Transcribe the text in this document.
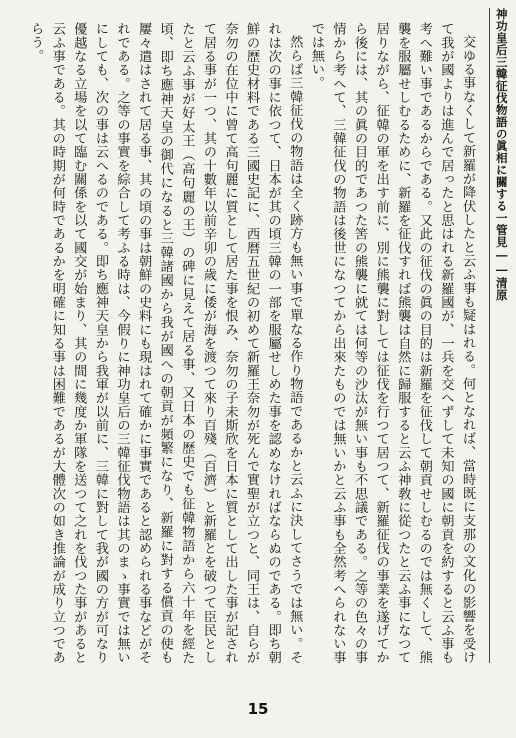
神功皇后三韓征伐物語の眞相に關する一管見――清原

交ゆる事なくして新羅が降伏したと云ふ事も疑はれる。何となれば、當時既に支那の文化の影響を受けて我が國よりは進んで居ったと思はれる新羅國が、一兵を交へずして未知の國に朝貢を約すると云ふ事も考へ難い事であるからである。又此の征伐の眞の目的は新羅を征伐して朝貢せしむるのでは無くして、熊襲を服屬せしむるために、新羅を征伐すれば熊襲は自然に歸服すると云ふ神敎に從つたと云ふ事になつて居りながら、征韓の軍を出す前に、別に熊襲に對しては征伐を行つて居つて、新羅征伐の事業を遂げてから後には、其の眞の目的であつた筈の熊襲に就ては何等の沙汰が無い事も不思議である。之等の色々の事情から考へて、三韓征伐の物語は後世になつてから出來たものでは無いかと云ふ事も全然考へられない事では無い。

然らば三韓征伐の物語は全く跡方も無い事で單なる作り物語であるかと云ふに決してさうでは無い。それは次の事に依つて、日本が其の頃三韓の一部を服屬せしめた事を認めなければならぬのである。即ち朝鮮の歷史材料である三國史記に、西暦五世紀の初めて新羅王奈勿が死んで實聖が立つと、同王は、自らが奈勿の在位中に曾て高句麗に質として居た事を恨み、奈勿の子未斯欣を日本に質として出した事が記されて居る事が一つ、其の十數年以前辛卯の歲に倭が海を渡つて來り百殘（百濟）と新羅とを破つて臣民としたと云ふ事が好太王（高句麗の王）の碑に見えて居る事、又日本の歷史でも征韓物語から六十年を經た頃、即ち應神天皇の御代になると三韓諸國から我が國への朝貢が頻繁になり、新羅に對する償貢の使も屢々遣はされて居る事、其の頃の事は朝鮮の史料にも現はれて確かに事實であると認められる事などがそれである。之等の事實を綜合して考ふる時は、今假りに神功皇后の三韓征伐物語は其のまゝ事實では無いにしても、次の事は云へるのである。即ち應神天皇から我軍が以前に、三韓に對して我が國の方が可なり優越なる立場を以て臨む關係を以て國交が始まり、其の間に幾度か軍隊を送つて之れを伐つた事があると云ふ事である。其の時期が何時であるかを明確に知る事は困難であるが大體次の如き推論が成り立つであらう。

15
